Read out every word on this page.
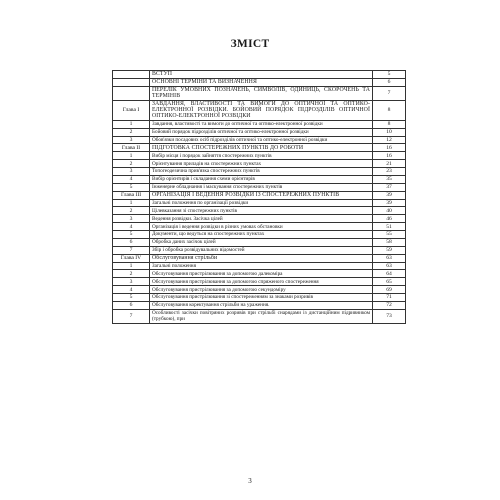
ЗМІСТ
	ВСТУП	5
	ОСНОВНІ ТЕРМІНИ ТА ВИЗНАЧЕННЯ	6
	ПЕРЕЛІК УМОВНИХ ПОЗНАЧЕНЬ, СИМВОЛІВ, ОДИНИЦЬ, СКОРОЧЕНЬ ТА ТЕРМІНІВ	7
Глава І	ЗАВДАННЯ, ВЛАСТИВОСТІ ТА ВИМОГИ ДО ОПТИЧНОЇ ТА ОПТИКО-ЕЛЕКТРОННОЇ РОЗВІДКИ. БОЙОВИЙ ПОРЯДОК ПІДРОЗДІЛІВ ОПТИЧНОЇ ОПТИКО-ЕЛЕКТРОННОЇ РОЗВІДКИ	8
1	Завдання, властивості та вимоги до оптичної та оптико-електронної розвідки	8
2	Бойовий порядок підрозділів оптичної та оптико-електронної розвідки	10
3	Обов'язки посадових осіб підрозділів оптичної та оптико-електронної розвідки	12
Глава ІІ	ПІДГОТОВКА СПОСТЕРЕЖНИХ ПУНКТІВ ДО РОБОТИ	16
1	Вибір місця і порядок зайняття спостережних пунктів	16
2	Орієнтування приладів на спостережних пунктах	21
3	Топогеодезична прив'язка спостережних пунктів	23
4	Вибір орієнтирів і складання схеми орієнтирів	35
5	Інженерне обладнання і маскування спостережних пунктів	37
Глава ІІІ	ОРГАНІЗАЦІЯ І ВЕДЕННЯ РОЗВІДКИ ІЗ СПОСТЕРЕЖНИХ ПУНКТІВ	39
1	Загальні положення по організації розвідки	39
2	Цілевказання зі спостережних пунктів	40
3	Ведення розвідки. Засічка цілей	46
4	Організація і ведення розвідки в різних умовах обстановки	51
5	Документи, що ведуться на спостережних пунктах	55
6	Обробка даних засічок цілей	58
7	Збір і обробка розвідувальних відомостей	59
Глава IV	Обслуговування стрільби	63
1	Загальні положення	63
2	Обслуговування пристрілювання за допомогою далекоміра	64
3	Обслуговування пристрілювання за допомогою спряженого спостереження	65
4	Обслуговування пристрілювання за допомогою секундоміру	69
5	Обслуговування пристрілювання зі спостереженням за знаками розривів	71
6	Обслуговування коректування стрільби на ураження.	72
7	Особливості засічки повітряних розривів при стрільбі снарядами із дистанційним підривником (трубкою), при	73
3
